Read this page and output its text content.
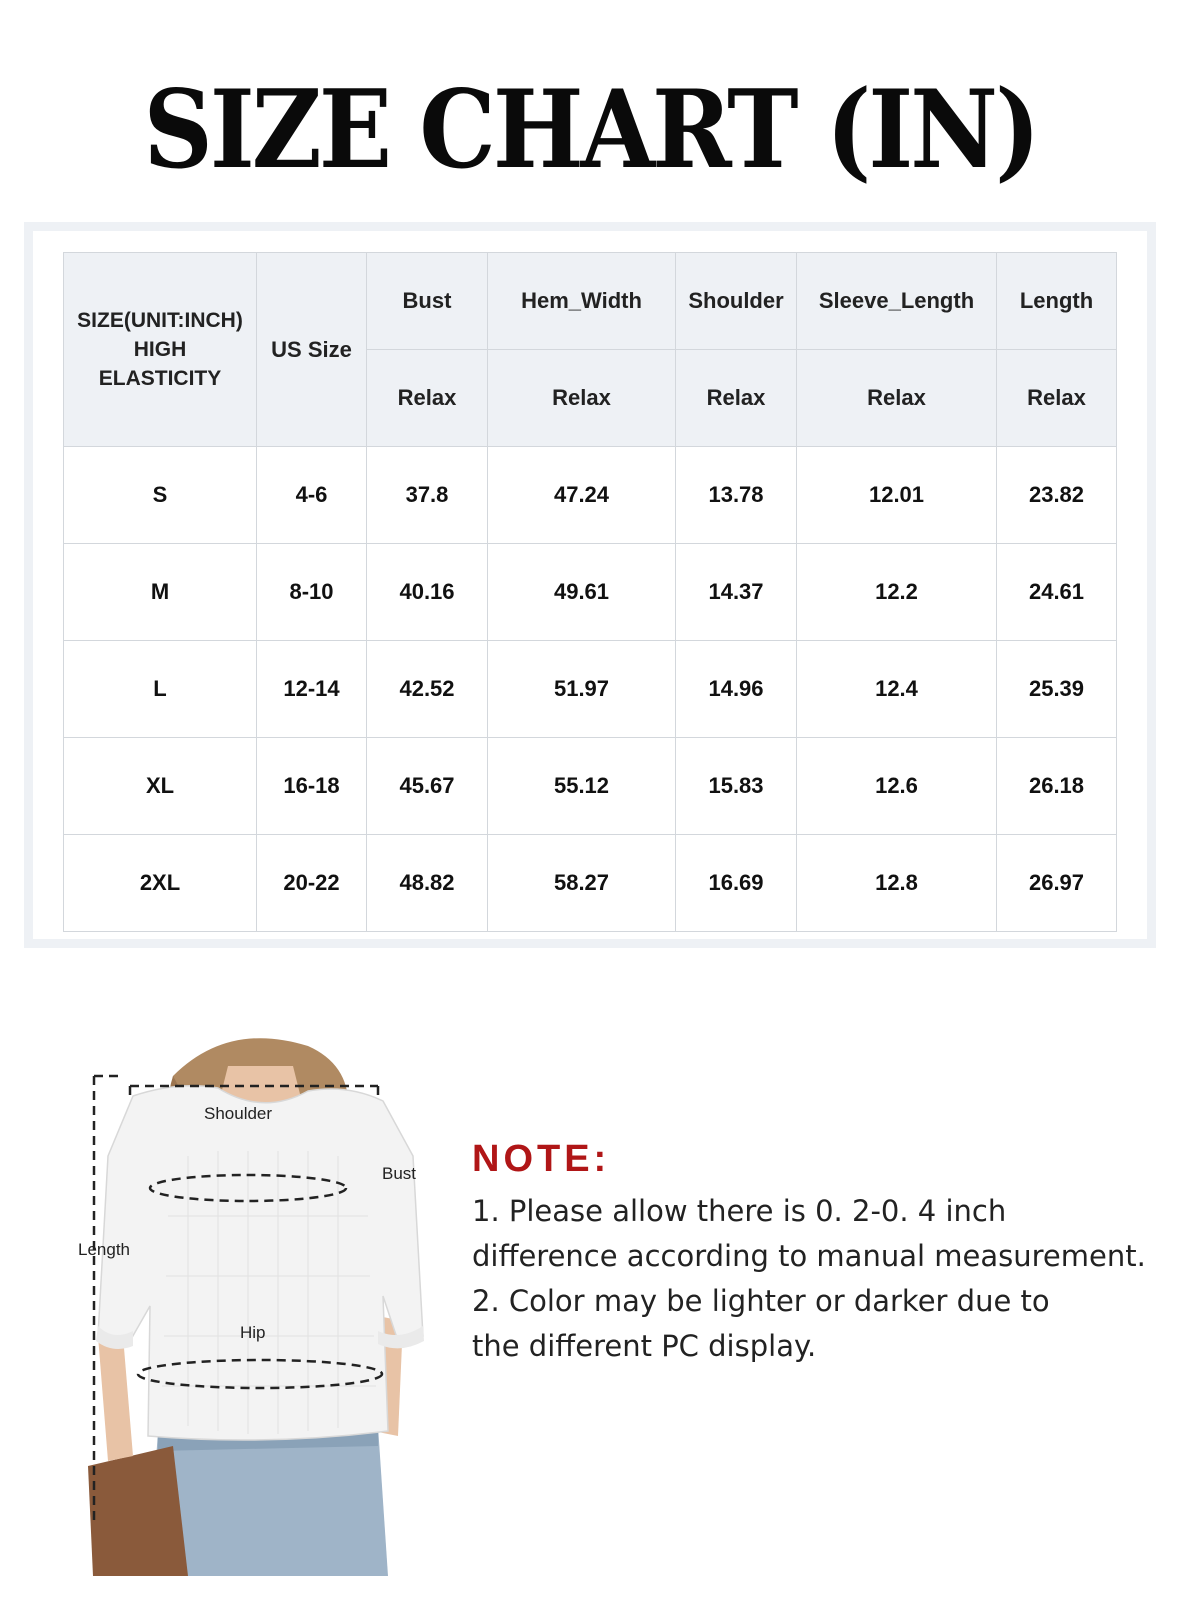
SIZE CHART (IN)
SIZE(UNIT:INCH)
HIGH
ELASTICITY	US Size	Bust	Hem_Width	Shoulder	Sleeve_Length	Length
		Relax	Relax	Relax	Relax	Relax
S	4-6	37.8	47.24	13.78	12.01	23.82
M	8-10	40.16	49.61	14.37	12.2	24.61
L	12-14	42.52	51.97	14.96	12.4	25.39
XL	16-18	45.67	55.12	15.83	12.6	26.18
2XL	20-22	48.82	58.27	16.69	12.8	26.97
Shoulder
Bust
Length
Hip
NOTE:
1. Please allow there is 0. 2-0. 4 inch
difference according to manual measurement.
2. Color may be lighter or darker due to
the different PC display.
